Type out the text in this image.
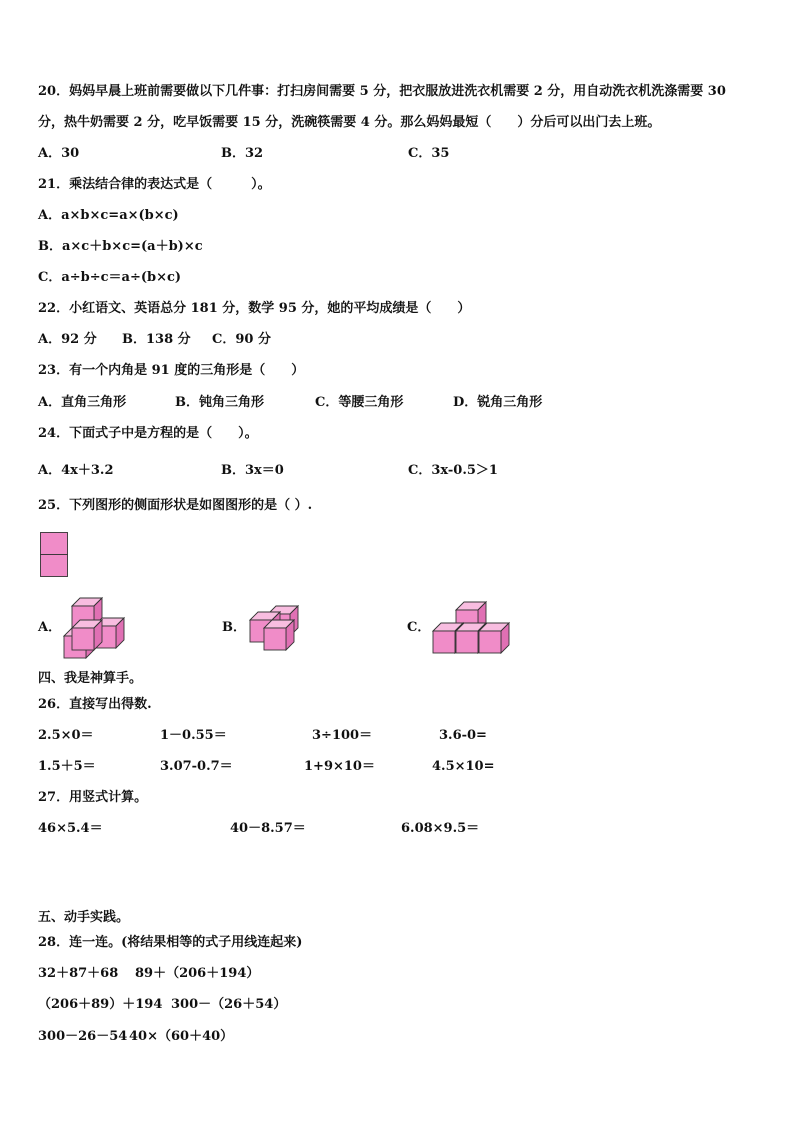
20．妈妈早晨上班前需要做以下几件事：打扫房间需要 5 分，把衣服放进洗衣机需要 2 分，用自动洗衣机洗涤需要 30
分，热牛奶需要 2 分，吃早饭需要 15 分，洗碗筷需要 4 分。那么妈妈最短（　　）分后可以出门去上班。
A．30	B．32	C．35
21．乘法结合律的表达式是（　　　）。
A．a×b×c=a×(b×c)
B．a×c＋b×c=(a＋b)×c
C．a÷b÷c＝a÷(b×c)
22．小红语文、英语总分 181 分，数学 95 分，她的平均成绩是（　　）
A．92 分 B．138 分 C．90 分
23．有一个内角是 91 度的三角形是（　　）
A．直角三角形	B．钝角三角形	C．等腰三角形	D．锐角三角形
24．下面式子中是方程的是（　　）。
A．4x＋3.2	B．3x＝0	C．3x-0.5＞1
25．下列图形的侧面形状是如图图形的是（ ）.
A．	B．	C．
四、我是神算手。
26．直接写出得数.
2.5×0＝	1－0.55＝	3÷100＝	3.6-0=
1.5＋5＝	3.07-0.7＝	1+9×10＝	4.5×10=
27．用竖式计算。
46×5.4＝	40－8.57＝	6.08×9.5＝
五、动手实践。
28．连一连。(将结果相等的式子用线连起来)
32＋87＋68 89＋（206＋194）
（206＋89）＋194 300－（26＋54）
300－26－54 40×（60＋40）
